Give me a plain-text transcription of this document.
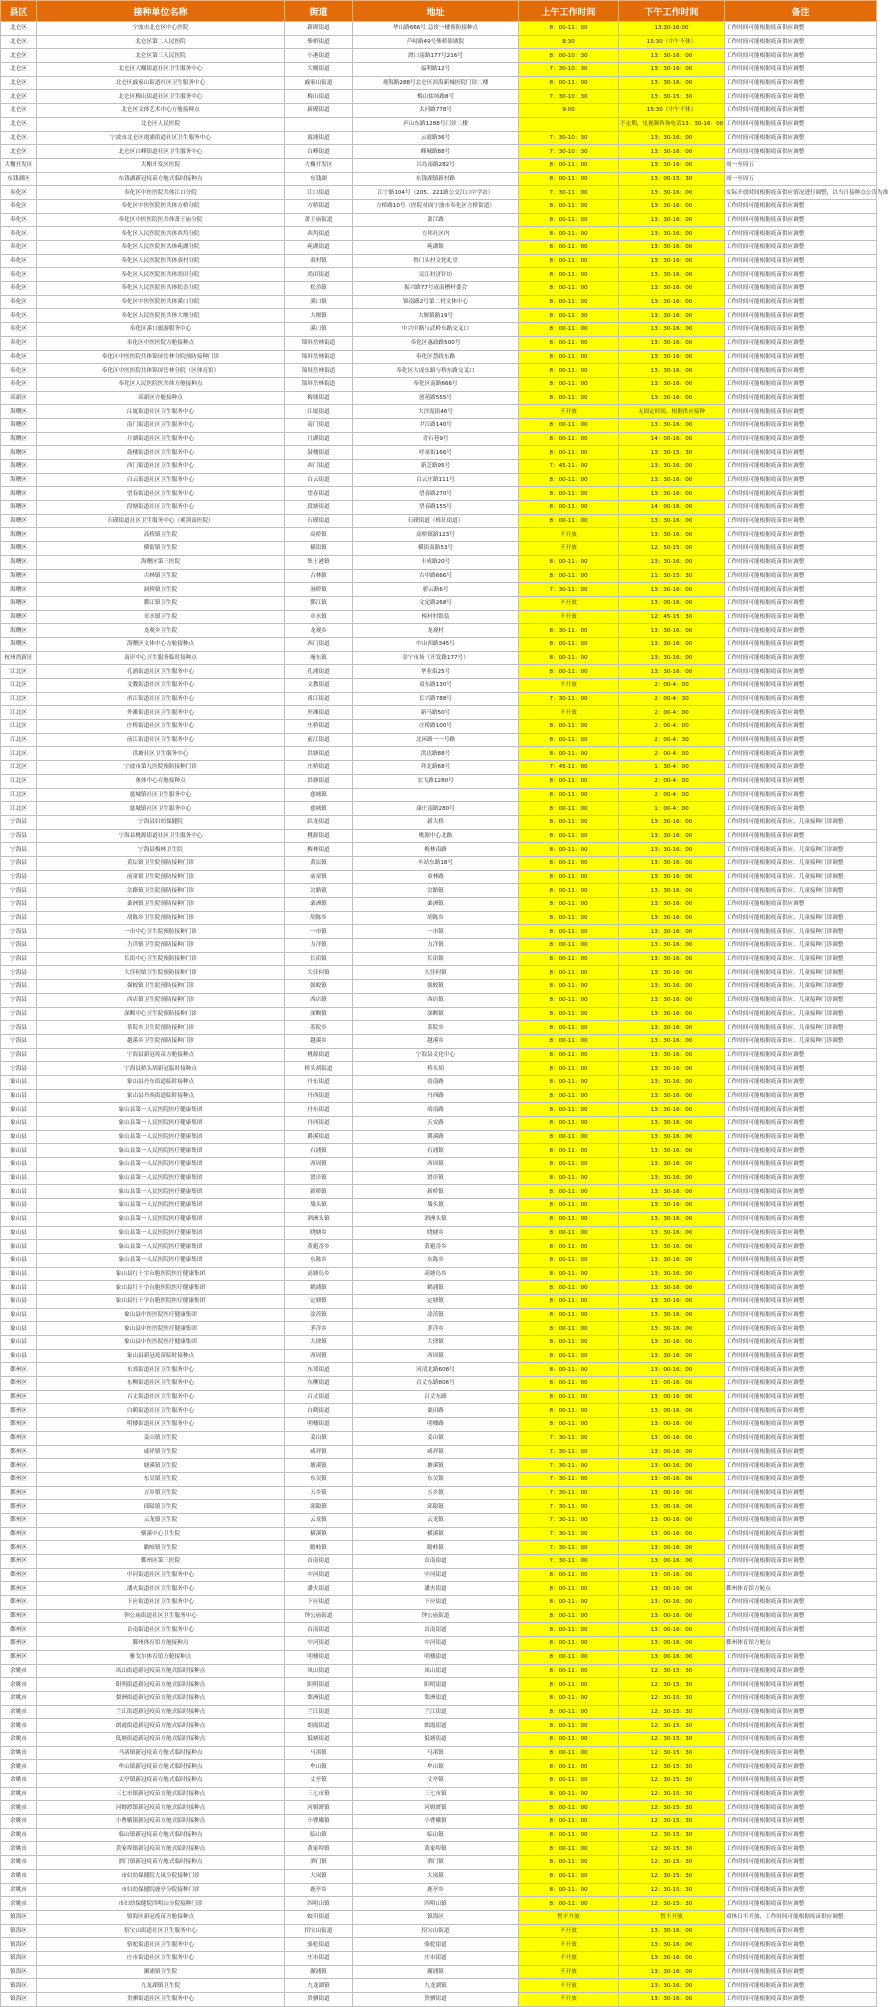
县区	接种单位名称	街道	地址	上午工作时间	下午工作时间	备注
北仑区	宁波市北仑区中心医院	新碶街道	华山路666号.急诊一楼预防接种点	8：00-11：00	13:30-16:00	工作时间可能根据疫苗供应调整
北仑区	北仑区第二人民医院	柴桥街道	芦峙路49号柴桥影剧院	8:30	15:30（中午不休）	工作时间可能根据疫苗供应调整
北仑区	北仑区第三人民医院	小港街道	渡口南路177号216号	8：00-10：30	13：30-16：00	工作时间可能根据疫苗供应调整
北仑区	北仑区大榭街道社区卫生服务中心	大榭街道	福利路12号	7：30-10：30	13：30-16：00	工作时间可能根据疫苗供应调整
北仑区	北仑区戚家山街道社区卫生服务中心	戚家山街道	观海路288号北仑区滨海新城医院门诊二楼	8：00-11：00	13：30-16：00	工作时间可能根据疫苗供应调整
北仑区	北仑区梅山街道社区卫生服务中心	梅山街道	梅山盐场路8号	7：30-10：30	13：30-15：30	工作时间可能根据疫苗供应调整
北仑区	北仑区文体艺术中心方舱接种点	新碶街道	太河路778号	9:00	15:30（中午不休）	工作时间可能根据疫苗供应调整
北仑区	北仑区人民医院		庐山东路1288号门诊二楼		不定期，见视频咨询电话13：30-16：00	工作时间可能根据疫苗供应调整
北仑区	宁波市北仑区霞浦街道社区卫生服务中心	霞浦街道	云霞路36号	7：30-10：30	13：30-16：00	工作时间可能根据疫苗供应调整
北仑区	北仑区白峰街道社区卫生服务中心	白峰街道	峰城路88号	7：30-10：30	13：30-16：00	工作时间可能根据疫苗供应调整
大榭开发区	大榭开发区医院	大榭开发区	兴岛南路282号	8：00-11：00	13：30-16：00	周一至周五
东钱湖区	东钱湖新冠疫苗方舱式临时接种点	东钱湖	东钱湖镇新村路	8：00-11：00	13：00-15：30	周一至周五
奉化区	奉化区中医医院共体江口分院	江口街道	江宁路104号（205、221路公交江口中学站）	7：30-11：00	13：30-16：00	实际开放时间根据疫苗供应情况进行调整，以当日接种点公告为准
奉化区	奉化区中医医院医共体方桥分院	方桥街道	方桥路10号（医院对面宁波市奉化区方桥街道）	8：00-11：00	13：30-16：00	工作时间可能根据疫苗供应调整
奉化区	奉化区中医医院医共体萧王庙分院	萧王庙街道	萧江路	8：00-11：00	13：30-16：00	工作时间可能根据疫苗供应调整
奉化区	奉化区人民医院医共体西坞分院	西坞街道	力邦社区内	8：00-11：00	13：30-16：00	工作时间可能根据疫苗供应调整
奉化区	奉化区人民医院医共体莼湖分院	莼湖街道	莼湖镇	8：00-11：00	13：30-16：00	工作时间可能根据疫苗供应调整
奉化区	奉化区人民医院医共体裘村分院	裘村镇	鲁门头村文化礼堂	8：00-11：00	13：30-16：00	工作时间可能根据疫苗供应调整
奉化区	奉化区人民医院医共体尚田分院	尚田街道	吴江村济针坊	8：00-11：00	13：30-16：00	工作时间可能根据疫苗供应调整
奉化区	奉化区人民医院医共体松岙分院	松岙镇	振兴路77号成南槽村委会	8：00-11：00	13：30-16：00	工作时间可能根据疫苗供应调整
奉化区	奉化区中医医院医共体溪口分院	溪口镇	锦南路2号第二村文体中心	8：00-11：00	13：30-16：00	工作时间可能根据疫苗供应调整
奉化区	奉化区人民医院医共体大堰分院	大堰镇	大堰镇路19号	8：00-11：30	13：30-16：00	工作时间可能根据疫苗供应调整
奉化区	奉化区溪口旅游服务中心	溪口镇	中兴中路与武岭东路交叉口	8：00-11：00	13：30-16：00	工作时间可能根据疫苗供应调整
奉化区	奉化区中医医院方舱接种点	锦屏岳林街道	奉化区惠政路500号	8：00-11：00	13：30-16：00	工作时间可能根据疫苗供应调整
奉化区	奉化区中医医院共体锦屏岳林分院预防接种门诊	锦屏岳林街道	奉化区慧政东路	8：00-11：00	13：30-16：00	工作时间可能根据疫苗供应调整
奉化区	奉化区中医医院共体锦屏岳林分院（区体育馆）	锦屏岳林街道	奉化区大成东路与桥东路交叉口	8：00-11：00	13：30-16：00	工作时间可能根据疫苗供应调整
奉化区	奉化区人民医院医共体方舱接种点	锦屏岳林街道	奉化区南路666号	8：00-11：00	13：30-16：00	工作时间可能根据疫苗供应调整
高新区	高新区方舱接种点	梅墟街道	创苑路555号	8：00-11：00	13：30-16：00	工作时间可能根据疫苗供应调整
海曙区	江厦街道社区卫生服务中心	江厦街道	大沙泥街46号	不开放	无固定时间，根据供应接种	工作时间可能根据疫苗供应调整
海曙区	南门街道社区卫生服务中心	南门街道	尹江路140号	8：00-11：00	13：30-16：00	工作时间可能根据疫苗供应调整
海曙区	月湖街道社区卫生服务中心	月湖街道	青石巷9号	8：00-11：00	14：00-16：00	工作时间可能根据疫苗供应调整
海曙区	鼓楼街道社区卫生服务中心	鼓楼街道	呼童街166号	8：00-11：00	13：30-15：30	工作时间可能根据疫苗供应调整
海曙区	西门街道社区卫生服务中心	西门街道	新芝路95号	7：45-11：00	13：30-16：00	工作时间可能根据疫苗供应调整
海曙区	白云街道社区卫生服务中心	白云街道	白云庄路111号	8：00-11：00	13：30-16：00	工作时间可能根据疫苗供应调整
海曙区	望春街道社区卫生服务中心	望春街道	望春路270号	8：00-11：00	13：30-16：00	工作时间可能根据疫苗供应调整
海曙区	段塘街道社区卫生服务中心	段塘街道	望春路155号	8：00-11：00	14：00-16：00	工作时间可能根据疫苗供应调整
海曙区	石碶街道社区卫生服务中心（奚剑南医院）	石碶街道	石碶街道（栎社街道）	8：00-11：00	13：30-16：00	工作时间可能根据疫苗供应调整
海曙区	高桥镇卫生院	高桥镇	高桥镇路123号	不开放	13：30-16：00	工作时间可能根据疫苗供应调整
海曙区	横街镇卫生院	横街镇	横街南路53号	不开放	12：50-15：00	工作时间可能根据疫苗供应调整
海曙区	海曙区第三医院	集士港镇	丰成路20号	8：00-11：00	13：30-16：00	工作时间可能根据疫苗供应调整
海曙区	古林镇卫生院	古林镇	古中路666号	8：00-11：00	11：30-15：30	工作时间可能根据疫苗供应调整
海曙区	洞桥镇卫生院	洞桥镇	碧云路6号	7：30-11：00	13：30-16：00	工作时间可能根据疫苗供应调整
海曙区	鄞江镇卫生院	鄞江镇	文定路268号	不开放	13：00-16：00	工作时间可能根据疫苗供应调整
海曙区	章水镇卫生院	章水镇	樟村村银装	不开放	12：45-15：30	工作时间可能根据疫苗供应调整
海曙区	龙观乡卫生院	龙观乡	龙观村	8：30-11：00	13：30-16：00	工作时间可能根据疫苗供应调整
海曙区	海曙区文体中心方舱接种点	西门街道	中山西路345号	8：00-11：00	13：30-16：00	工作时间可能根据疫苗供应调整
杭州湾新区	南岸中心卫生服务临时接种点	庵东镇	金宁市场（开发路177号）	8：00-11：00	13：30-16：00	工作时间可能根据疫苗供应调整
江北区	孔浦街道社区卫生服务中心	孔浦街道	华业街25号	8：00-11：00	13：30-16：00	工作时间可能根据疫苗供应调整
江北区	文教街道社区卫生服务中心	文教街道	双东路130号	不开放	2：00-4：00	工作时间可能根据疫苗供应调整
江北区	甬江街道社区卫生服务中心	甬江街道	长兴路788号	7：30-11：00	2：00-4：30	工作时间可能根据疫苗供应调整
江北区	外滩街道社区卫生服务中心	外滩街道	新马路50号	不开放	2：00-4：00	工作时间可能根据疫苗供应调整
江北区	庄桥街道社区卫生服务中心	庄桥街道	庄桥路100号	8：00-11：00	2：00-4：00	工作时间可能根据疫苗供应调整
江北区	前江街道社区卫生服务中心	前江街道	北环路一一号路	8：00-11：00	2：00-4：30	工作时间可能根据疫苗供应调整
江北区	洪塘社区卫生服务中心	洪塘街道	洪达路88号	8：00-11：00	2：00-4：00	工作时间可能根据疫苗供应调整
江北区	宁波市第九医院预防接种门诊	庄桥街道	祥北路68号	7：45-11：00	1：30-4：00	工作时间可能根据疫苗供应调整
江北区	奥体中心方舱接种点	洪塘街道	宏飞路1280号	8：00-11：00	2：00-4：00	工作时间可能根据疫苗供应调整
江北区	慈城镇社区卫生服务中心	慈城镇		8：00-11：00	2：00-4：00	工作时间可能根据疫苗供应调整
江北区	慈城镇社区卫生服务中心	慈城镇	康庄南路280号	8：00-11：00	1：00-4：00	工作时间可能根据疫苗供应调整
宁海县	宁海县妇幼保健院	跃龙街道	新大桥	8：00-11：00	13：30-16：00	工作时间可能根据疫苗供应、儿童接种门诊调整
宁海县	宁海县桃源街道社区卫生服务中心	桃源街道	桃源中心北路	8：00-11：00	13：30-16：00	工作时间可能根据疫苗供应调整
宁海县	宁海县梅林卫生院	梅林街道	梅林南路	8：00-11：00	13：30-16：00	工作时间可能根据疫苗供应、儿童接种门诊调整
宁海县	黄坛镇卫生院预防接种门诊	黄坛镇	车站东路18号	8：00-11：00	13：30-16：00	工作时间可能根据疫苗供应、儿童接种门诊调整
宁海县	前童镇卫生院预防接种门诊	前童镇	童林路	8：00-11：00	13：30-16：00	工作时间可能根据疫苗供应、儿童接种门诊调整
宁海县	岔路镇卫生院预防接种门诊	岔路镇	岔路镇	8：00-11：00	13：30-16：00	工作时间可能根据疫苗供应、儿童接种门诊调整
宁海县	桑洲镇卫生院预防接种门诊	桑洲镇	桑洲镇	8：00-11：00	13：30-16：00	工作时间可能根据疫苗供应调整
宁海县	胡陈乡卫生院预防接种门诊	胡陈乡	胡陈乡	8：00-11：00	13：30-16：00	工作时间可能根据疫苗供应、儿童接种门诊调整
宁海县	一市中心卫生院预防接种门诊	一市镇	一市镇	8：00-11：00	13：30-16：00	工作时间可能根据疫苗供应、儿童接种门诊调整
宁海县	力洋镇卫生院预防接种门诊	力洋镇	力洋镇	8：00-11：00	13：30-16：00	工作时间可能根据疫苗供应、儿童接种门诊调整
宁海县	长街中心卫生院预防接种门诊	长街镇	长街镇	8：00-11：00	13：30-16：00	工作时间可能根据疫苗供应、儿童接种门诊调整
宁海县	大佳何镇卫生院预防接种门诊	大佳何镇	大佳何镇	8：00-11：00	13：30-16：00	工作时间可能根据疫苗供应、儿童接种门诊调整
宁海县	强蛟镇卫生院预防接种门诊	强蛟镇	强蛟镇	8：00-11：00	13：30-16：00	工作时间可能根据疫苗供应、儿童接种门诊调整
宁海县	西店镇卫生院预防接种门诊	西店镇	西店镇	8：00-11：00	13：30-16：00	工作时间可能根据疫苗供应、儿童接种门诊调整
宁海县	深甽中心卫生院预防接种门诊	深甽镇	深甽镇	8：00-11：00	13：30-16：00	工作时间可能根据疫苗供应、儿童接种门诊调整
宁海县	茶院乡卫生院预防接种门诊	茶院乡	茶院乡	8：00-11：00	13：30-16：00	工作时间可能根据疫苗供应、儿童接种门诊调整
宁海县	越溪乡卫生院预防接种门诊	越溪乡	越溪乡	8：00-11：00	13：30-16：00	工作时间可能根据疫苗供应、儿童接种门诊调整
宁海县	宁海县新冠疫苗方舱接种点	桃源街道	宁海县文化中心	8：00-11：00	13：30-16：00	工作时间可能根据疫苗供应调整
宁海县	宁海县桥头胡新冠临时接种点	桥头胡街道	桥头胡	8：00-11：00	13：30-16：00	工作时间可能根据疫苗供应调整
象山县	象山县丹东街道临时接种点	丹东街道	靖南路	8：00-11：00	13：30-16：00	工作时间可能根据疫苗供应调整
象山县	象山县丹西街道临时接种点	丹西街道	丹西路	8：00-11：00	13：30-16：00	工作时间可能根据疫苗供应调整
象山县	象山县第一人民医院医疗健康集团	丹东街道	靖南路	8：00-11：00	13：30-16：00	工作时间可能根据疫苗供应调整
象山县	象山县第一人民医院医疗健康集团	丹西街道	天安路	8：00-11：00	13：30-16：00	工作时间可能根据疫苗供应调整
象山县	象山县第一人民医院医疗健康集团	爵溪街道	爵溪路	8：00-11：00	13：30-16：00	工作时间可能根据疫苗供应调整
象山县	象山县第一人民医院医疗健康集团	石浦镇	石浦镇	8：00-11：00	13：30-16：00	工作时间可能根据疫苗供应调整
象山县	象山县第一人民医院医疗健康集团	西周镇	西周镇	8：00-11：00	13：30-16：00	工作时间可能根据疫苗供应调整
象山县	象山县第一人民医院医疗健康集团	贤庠镇	贤庠镇	8：00-11：00	13：30-16：00	工作时间可能根据疫苗供应调整
象山县	象山县第一人民医院医疗健康集团	新桥镇	新桥镇	8：00-11：00	13：30-16：00	工作时间可能根据疫苗供应调整
象山县	象山县第一人民医院医疗健康集团	墙头镇	墙头镇	8：00-11：00	13：30-16：00	工作时间可能根据疫苗供应调整
象山县	象山县第一人民医院医疗健康集团	泗洲头镇	泗洲头镇	8：00-11：00	13：30-16：00	工作时间可能根据疫苗供应调整
象山县	象山县第一人民医院医疗健康集团	晓塘乡	晓塘乡	8：00-11：00	13：30-16：00	工作时间可能根据疫苗供应调整
象山县	象山县第一人民医院医疗健康集团	黄避岙乡	黄避岙乡	8：00-11：00	13：30-16：00	工作时间可能根据疫苗供应调整
象山县	象山县第一人民医院医疗健康集团	东陈乡	东陈乡	8：00-11：00	13：30-16：00	工作时间可能根据疫苗供应调整
象山县	象山县红十字台胞医院医疗健康集团	高塘岛乡	高塘岛乡	8：00-11：00	13：30-16：00	工作时间可能根据疫苗供应调整
象山县	象山县红十字台胞医院医疗健康集团	鹤浦镇	鹤浦镇	8：00-11：00	13：30-16：00	工作时间可能根据疫苗供应调整
象山县	象山县红十字台胞医院医疗健康集团	定塘镇	定塘镇	8：00-11：00	13：30-16：00	工作时间可能根据疫苗供应调整
象山县	象山县中医医院医疗健康集团	涂茨镇	涂茨镇	8：00-11：00	13：30-16：00	工作时间可能根据疫苗供应调整
象山县	象山县中医医院医疗健康集团	茅洋乡	茅洋乡	8：00-11：00	13：30-16：00	工作时间可能根据疫苗供应调整
象山县	象山县中医医院医疗健康集团	大徐镇	大徐镇	8：00-11：00	13：30-16：00	工作时间可能根据疫苗供应调整
象山县	象山县新冠疫苗临时接种点	西周镇	西周镇	8：00-11：00	13：30-16：00	工作时间可能根据疫苗供应调整
鄞州区	东郊街道社区卫生服务中心	东郊街道	河清北路608号	8：00-11：00	13：00-16：00	工作时间可能根据疫苗供应调整
鄞州区	东柳街道社区卫生服务中心	东柳街道	百丈东路806号	8：00-11：00	13：00-16：00	工作时间可能根据疫苗供应调整
鄞州区	百丈街道社区卫生服务中心	百丈街道	百丈东路	8：00-11：00	13：00-16：00	工作时间可能根据疫苗供应调整
鄞州区	白鹤街道社区卫生服务中心	白鹤街道	桑田路	8：00-11：00	13：00-16：00	工作时间可能根据疫苗供应调整
鄞州区	明楼街道社区卫生服务中心	明楼街道	明楼路	8：00-11：00	13：00-16：00	工作时间可能根据疫苗供应调整
鄞州区	姜山镇卫生院	姜山镇	姜山镇	7：30-11：00	13：00-16：00	工作时间可能根据疫苗供应调整
鄞州区	咸祥镇卫生院	咸祥镇	咸祥镇	7：30-11：00	13：00-16：00	工作时间可能根据疫苗供应调整
鄞州区	塘溪镇卫生院	塘溪镇	塘溪镇	7：30-11：00	13：00-16：00	工作时间可能根据疫苗供应调整
鄞州区	东吴镇卫生院	东吴镇	东吴镇	7：30-11：00	13：00-16：00	工作时间可能根据疫苗供应调整
鄞州区	五乡镇卫生院	五乡镇	五乡镇	7：30-11：00	13：00-16：00	工作时间可能根据疫苗供应调整
鄞州区	邱隘镇卫生院	邱隘镇	邱隘镇	7：30-11：00	13：00-16：00	工作时间可能根据疫苗供应调整
鄞州区	云龙镇卫生院	云龙镇	云龙镇	7：30-11：00	13：00-16：00	工作时间可能根据疫苗供应调整
鄞州区	横溪中心卫生院	横溪镇	横溪镇	7：30-11：00	13：00-16：00	工作时间可能根据疫苗供应调整
鄞州区	瞻岐镇卫生院	瞻岐镇	瞻岐镇	7：30-11：00	13：00-16：00	工作时间可能根据疫苗供应调整
鄞州区	鄞州区第三医院	首南街道	首南街道	7：30-11：00	13：00-16：00	工作时间可能根据疫苗供应调整
鄞州区	中河街道社区卫生服务中心	中河街道	中河街道	8：00-11：00	13：00-16：00	工作时间可能根据疫苗供应调整
鄞州区	潘火街道社区卫生服务中心	潘火街道	潘火街道	8：00-11：00	13：00-16：00	鄞州体育馆方舱点
鄞州区	下应街道社区卫生服务中心	下应街道	下应街道	8：00-11：00	13：00-16：00	工作时间可能根据疫苗供应调整
鄞州区	钟公庙街道社区卫生服务中心	钟公庙街道	钟公庙街道	8：00-11：00	13：00-16：00	工作时间可能根据疫苗供应调整
鄞州区	首南街道社区卫生服务中心	首南街道	首南街道	8：00-11：00	13：00-16：00	工作时间可能根据疫苗供应调整
鄞州区	鄞州体育馆方舱接种点	中河街道	中河街道	8：00-11：00	13：00-16：00	鄞州体育馆方舱点
鄞州区	雅戈尔体育馆方舱接种点	明楼街道	明楼街道	8：00-11：00	13：00-16：00	工作时间可能根据疫苗供应调整
余姚市	凤山街道新冠疫苗方舱式临时接种点	凤山街道	凤山街道	8：00-11：00	12：30-15：30	工作时间可能根据疫苗供应调整
余姚市	阳明街道新冠疫苗方舱式临时接种点	阳明街道	阳明街道	8：00-11：00	12：30-15：30	工作时间可能根据疫苗供应调整
余姚市	梨洲街道新冠疫苗方舱式临时接种点	梨洲街道	梨洲街道	8：00-11：00	12：30-15：30	工作时间可能根据疫苗供应调整
余姚市	兰江街道新冠疫苗方舱式临时接种点	兰江街道	兰江街道	8：00-11：00	12：30-15：30	工作时间可能根据疫苗供应调整
余姚市	朗霞街道新冠疫苗方舱式临时接种点	朗霞街道	朗霞街道	8：00-11：00	12：30-15：30	工作时间可能根据疫苗供应调整
余姚市	低塘街道新冠疫苗方舱式临时接种点	低塘街道	低塘街道	8：00-11：00	12：30-15：30	工作时间可能根据疫苗供应调整
余姚市	马渚镇新冠疫苗方舱式临时接种点	马渚镇	马渚镇	8：00-11：00	12：30-15：30	工作时间可能根据疫苗供应调整
余姚市	牟山镇新冠疫苗方舱式临时接种点	牟山镇	牟山镇	8：00-11：00	12：30-15：30	工作时间可能根据疫苗供应调整
余姚市	丈亭镇新冠疫苗方舱式临时接种点	丈亭镇	丈亭镇	8：00-11：00	12：30-15：30	工作时间可能根据疫苗供应调整
余姚市	三七市镇新冠疫苗方舱式临时接种点	三七市镇	三七市镇	8：00-11：00	12：30-15：30	工作时间可能根据疫苗供应调整
余姚市	河姆渡镇新冠疫苗方舱式临时接种点	河姆渡镇	河姆渡镇	8：00-11：00	12：30-15：30	工作时间可能根据疫苗供应调整
余姚市	小曹娥镇新冠疫苗方舱式临时接种点	小曹娥镇	小曹娥镇	8：00-11：00	12：30-15：30	工作时间可能根据疫苗供应调整
余姚市	临山镇新冠疫苗方舱式临时接种点	临山镇	临山镇	8：00-11：00	12：30-15：30	工作时间可能根据疫苗供应调整
余姚市	黄家埠镇新冠疫苗方舱式临时接种点	黄家埠镇	黄家埠镇	8：00-11：00	12：30-15：30	工作时间可能根据疫苗供应调整
余姚市	泗门镇新冠疫苗方舱式临时接种点	泗门镇	泗门镇	8：00-11：00	12：30-15：30	工作时间可能根据疫苗供应调整
余姚市	市妇幼保健院大岚分院接种门诊	大岚镇	大岚镇	8：00-11：00	12：30-15：30	工作时间可能根据疫苗供应调整
余姚市	市妇幼保健院鹿亭分院接种门诊	鹿亭乡	鹿亭乡	8：00-11：00	12：30-15：30	工作时间可能根据疫苗供应调整
余姚市	市妇幼保健院四明山分院接种门诊	四明山镇	四明山镇	8：00-11：00	12：30-15：30	工作时间可能根据疫苗供应调整
镇海区	镇海区新冠疫苗方舱接种点	蛟川街道	镇海区	暂不开放	暂不开放	双休日不开放，工作时间可能根据疫苗供应调整
镇海区	招宝山街道社区卫生服务中心	招宝山街道	招宝山街道	不开放	13：30-16：00	工作时间可能根据疫苗供应调整
镇海区	骆驼街道社区卫生服务中心	骆驼街道	骆驼街道	不开放	13：30-16：00	工作时间可能根据疫苗供应调整
镇海区	庄市街道社区卫生服务中心	庄市街道	庄市街道	不开放	13：30-16：00	工作时间可能根据疫苗供应调整
镇海区	澥浦镇卫生院	澥浦镇	澥浦镇	不开放	13：30-16：00	工作时间可能根据疫苗供应调整
镇海区	九龙湖镇卫生院	九龙湖镇	九龙湖镇	不开放	13：30-16：00	工作时间可能根据疫苗供应调整
镇海区	贵驷街道社区卫生服务中心	贵驷街道	贵驷街道	不开放	13：30-16：00	工作时间可能根据疫苗供应调整
